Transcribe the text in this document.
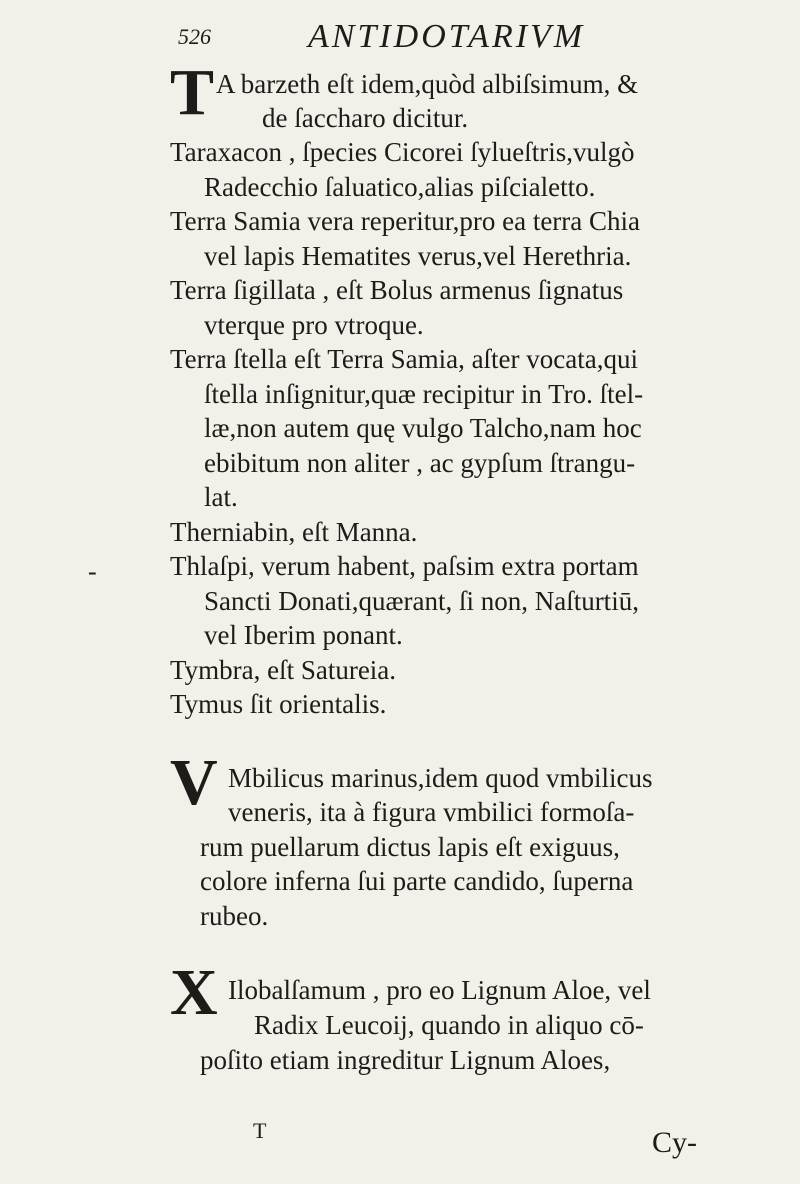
526	ANTIDOTARIVM
T A barzeth eſt idem,quòd albiſsimum, &
de ſaccharo dicitur.
Taraxacon , ſpecies Cicorei ſylueſtris,vulgò
Radecchio ſaluatico,alias piſcialetto.
Terra Samia vera reperitur,pro ea terra Chia
vel lapis Hematites verus,vel Herethria.
Terra ſigillata , eſt Bolus armenus ſignatus
vterque pro vtroque.
Terra ſtella eſt Terra Samia, aſter vocata,qui
ſtella inſignitur,quæ recipitur in Tro. ſtel-
læ,non autem quę vulgo Talcho,nam hoc
ebibitum non aliter , ac gypſum ſtrangu-
lat.
Therniabin, eſt Manna.
Thlaſpi, verum habent, paſsim extra portam
Sancti Donati,quærant, ſi non, Naſturtiū,
vel Iberim ponant.
Tymbra, eſt Satureia.
Tymus ſit orientalis.
V Mbilicus marinus,idem quod vmbilicus
veneris, ita à figura vmbilici formoſa-
rum puellarum dictus lapis eſt exiguus,
colore inferna ſui parte candido, ſuperna
rubeo.
X Ilobalſamum , pro eo Lignum Aloe, vel
Radix Leucoij, quando in aliquo cō-
poſito etiam ingreditur Lignum Aloes,
-
T	Cy-
